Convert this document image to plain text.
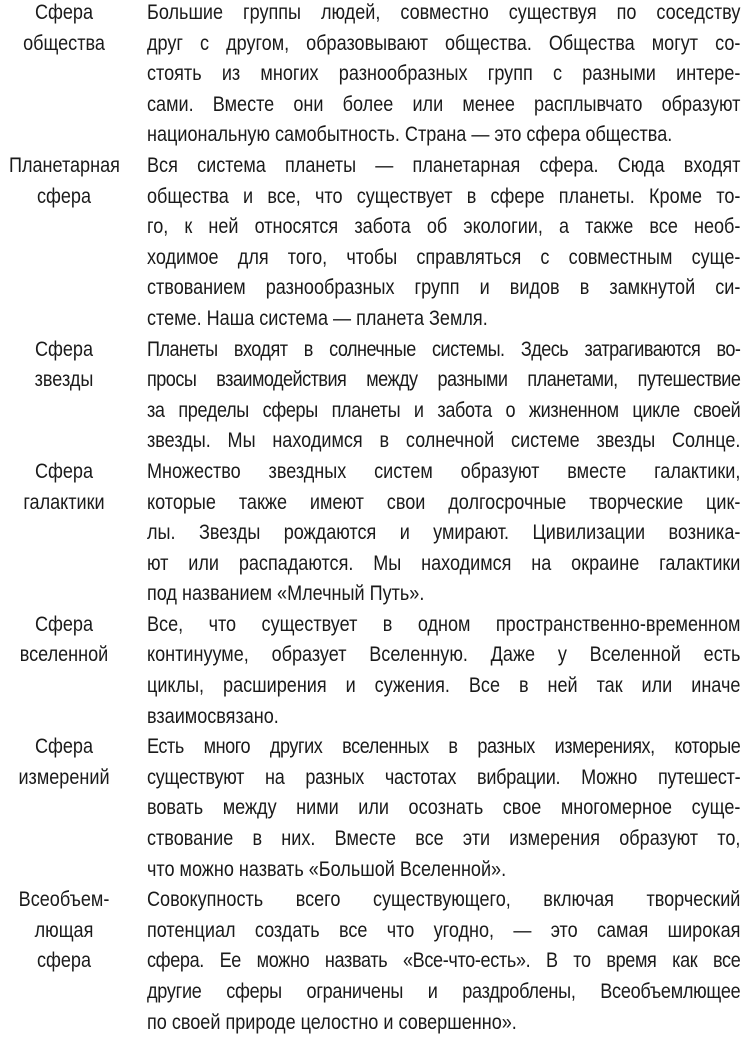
Сфера
общества
Большие группы людей, совместно существуя по соседству
друг с другом, образовывают общества. Общества могут со-
стоять из многих разнообразных групп с разными интере-
сами. Вместе они более или менее расплывчато образуют
национальную самобытность. Страна — это сфера общества.
Планетарная
сфера
Вся система планеты — планетарная сфера. Сюда входят
общества и все, что существует в сфере планеты. Кроме то-
го, к ней относятся забота об экологии, а также все необ-
ходимое для того, чтобы справляться с совместным суще-
ствованием разнообразных групп и видов в замкнутой си-
стеме. Наша система — планета Земля.
Сфера
звезды
Планеты входят в солнечные системы. Здесь затрагиваются во-
просы взаимодействия между разными планетами, путешествие
за пределы сферы планеты и забота о жизненном цикле своей
звезды. Мы находимся в солнечной системе звезды Солнце.
Сфера
галактики
Множество звездных систем образуют вместе галактики,
которые также имеют свои долгосрочные творческие цик-
лы. Звезды рождаются и умирают. Цивилизации возника-
ют или распадаются. Мы находимся на окраине галактики
под названием «Млечный Путь».
Сфера
вселенной
Все, что существует в одном пространственно-временном
континууме, образует Вселенную. Даже у Вселенной есть
циклы, расширения и сужения. Все в ней так или иначе
взаимосвязано.
Сфера
измерений
Есть много других вселенных в разных измерениях, которые
существуют на разных частотах вибрации. Можно путешест-
вовать между ними или осознать свое многомерное суще-
ствование в них. Вместе все эти измерения образуют то,
что можно назвать «Большой Вселенной».
Всеобъем-
лющая
сфера
Совокупность всего существующего, включая творческий
потенциал создать все что угодно, — это самая широкая
сфера. Ее можно назвать «Все-что-есть». В то время как все
другие сферы ограничены и раздроблены, Всеобъемлющее
по своей природе целостно и совершенно».
